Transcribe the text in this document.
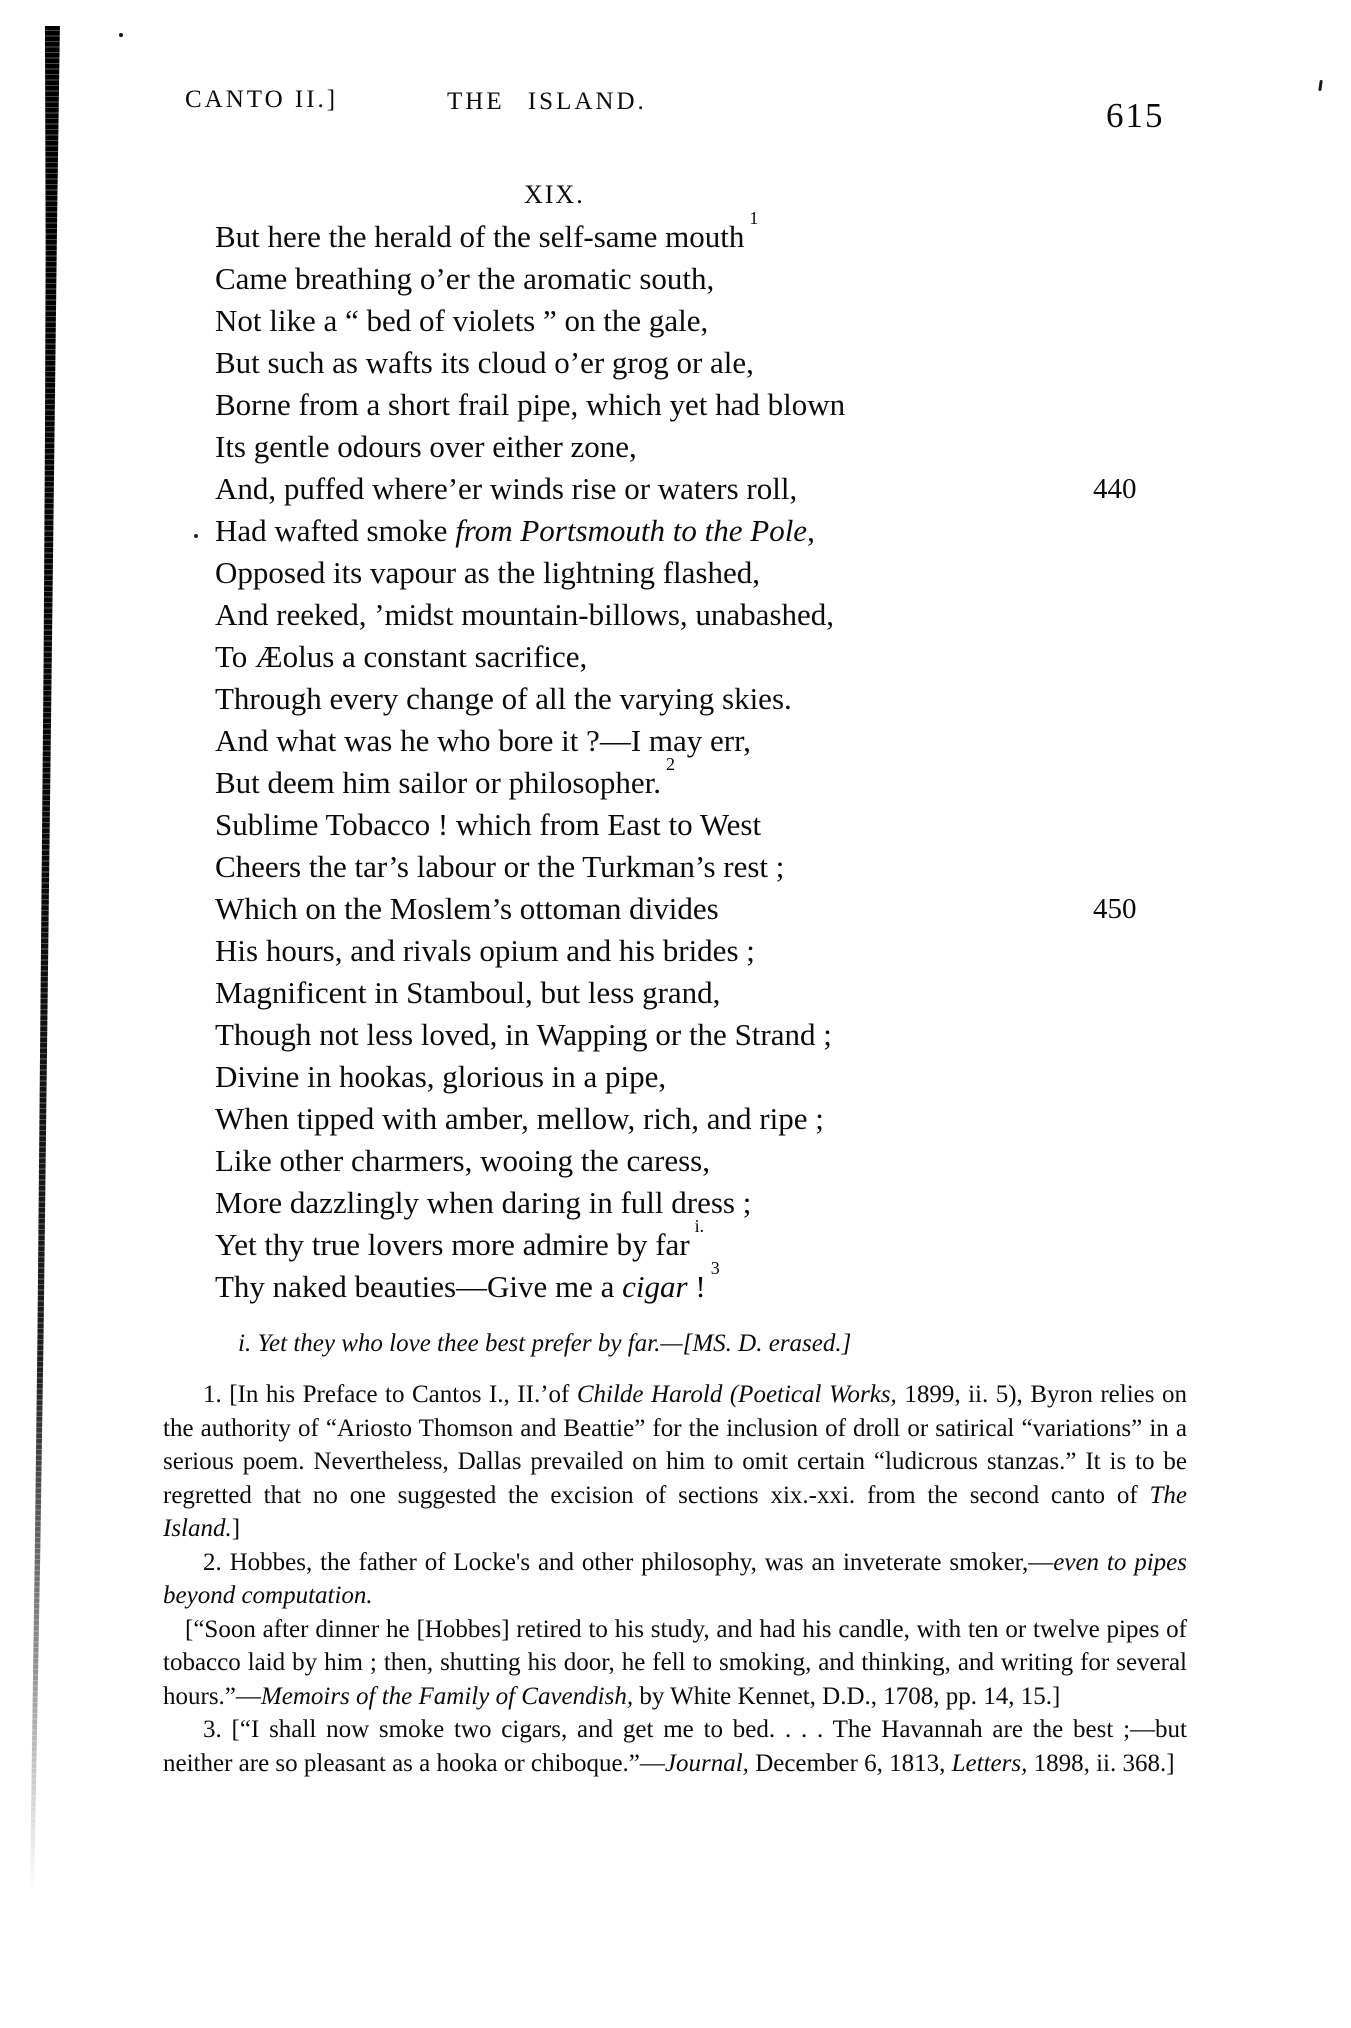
CANTO II.]	THE ISLAND.	615
XIX.
But here the herald of the self-same mouth$^1$
Came breathing o’er the aromatic south,
Not like a “ bed of violets ” on the gale,
But such as wafts its cloud o’er grog or ale,
Borne from a short frail pipe, which yet had blown
Its gentle odours over either zone,
And, puffed where’er winds rise or waters roll,	440
Had wafted smoke from Portsmouth to the Pole,
Opposed its vapour as the lightning flashed,
And reeked, ’midst mountain-billows, unabashed,
To Æolus a constant sacrifice,
Through every change of all the varying skies.
And what was he who bore it ?—I may err,
But deem him sailor or philosopher.$^2$
Sublime Tobacco ! which from East to West
Cheers the tar’s labour or the Turkman’s rest ;
Which on the Moslem’s ottoman divides	450
His hours, and rivals opium and his brides ;
Magnificent in Stamboul, but less grand,
Though not less loved, in Wapping or the Strand ;
Divine in hookas, glorious in a pipe,
When tipped with amber, mellow, rich, and ripe ;
Like other charmers, wooing the caress,
More dazzlingly when daring in full dress ;
Yet thy true lovers more admire by far$^{i.}$
Thy naked beauties—Give me a cigar !$^3$

i. Yet they who love thee best prefer by far.—[MS. D. erased.]

1. [In his Preface to Cantos I., II.’of Childe Harold (Poetical Works, 1899, ii. 5), Byron relies on the authority of “Ariosto Thomson and Beattie” for the inclusion of droll or satirical “variations” in a serious poem. Nevertheless, Dallas prevailed on him to omit certain “ludicrous stanzas.” It is to be regretted that no one suggested the excision of sections xix.-xxi. from the second canto of The Island.]

2. Hobbes, the father of Locke's and other philosophy, was an inveterate smoker,—even to pipes beyond computation.

[“Soon after dinner he [Hobbes] retired to his study, and had his candle, with ten or twelve pipes of tobacco laid by him ; then, shutting his door, he fell to smoking, and thinking, and writing for several hours.”—Memoirs of the Family of Cavendish, by White Kennet, D.D., 1708, pp. 14, 15.]

3. [“I shall now smoke two cigars, and get me to bed. . . . The Havannah are the best ;—but neither are so pleasant as a hooka or chiboque.”—Journal, December 6, 1813, Letters, 1898, ii. 368.]
